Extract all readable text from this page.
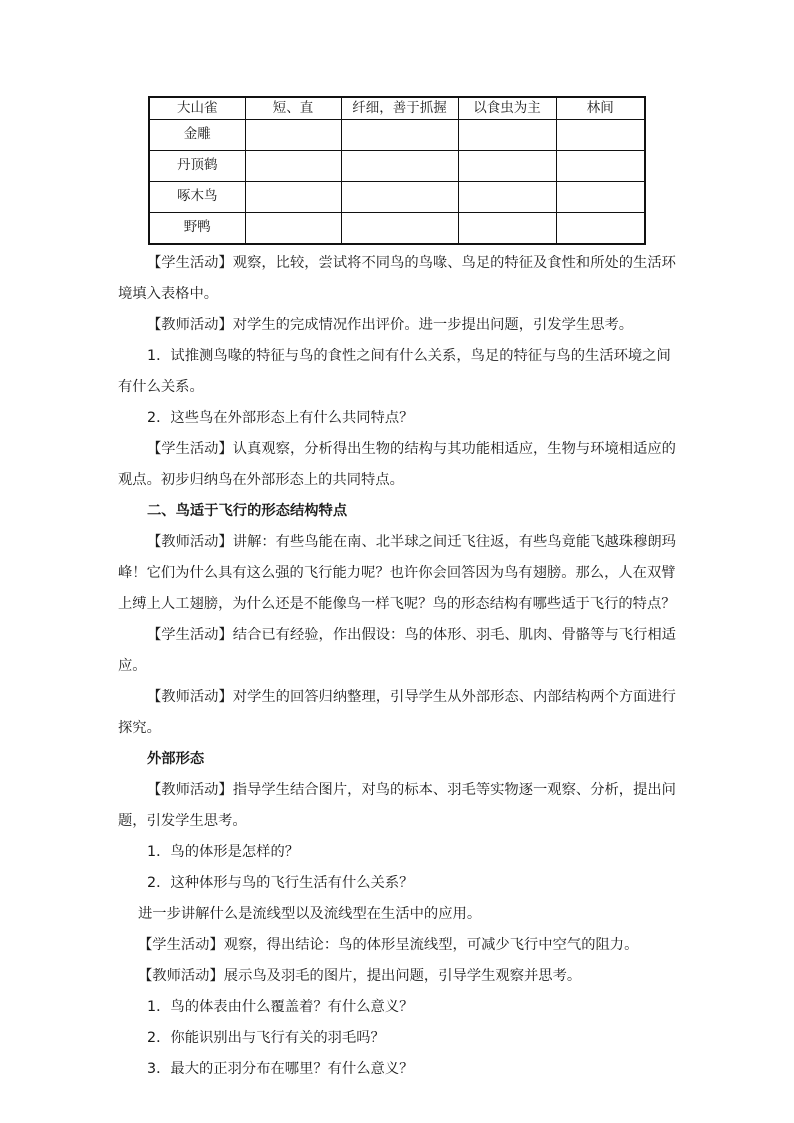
大山雀	短、直	纤细，善于抓握	以食虫为主	林间
金雕				
丹顶鹤				
啄木鸟				
野鸭				

【学生活动】观察，比较，尝试将不同鸟的鸟喙、鸟足的特征及食性和所处的生活环境填入表格中。

【教师活动】对学生的完成情况作出评价。进一步提出问题，引发学生思考。

1．试推测鸟喙的特征与鸟的食性之间有什么关系，鸟足的特征与鸟的生活环境之间有什么关系。

2．这些鸟在外部形态上有什么共同特点？

【学生活动】认真观察，分析得出生物的结构与其功能相适应，生物与环境相适应的观点。初步归纳鸟在外部形态上的共同特点。

二、鸟适于飞行的形态结构特点

【教师活动】讲解：有些鸟能在南、北半球之间迁飞往返，有些鸟竟能飞越珠穆朗玛峰！它们为什么具有这么强的飞行能力呢？也许你会回答因为鸟有翅膀。那么，人在双臂上缚上人工翅膀，为什么还是不能像鸟一样飞呢？鸟的形态结构有哪些适于飞行的特点？

【学生活动】结合已有经验，作出假设：鸟的体形、羽毛、肌肉、骨骼等与飞行相适应。

【教师活动】对学生的回答归纳整理，引导学生从外部形态、内部结构两个方面进行探究。

外部形态

【教师活动】指导学生结合图片，对鸟的标本、羽毛等实物逐一观察、分析，提出问题，引发学生思考。

1．鸟的体形是怎样的？

2．这种体形与鸟的飞行生活有什么关系？

进一步讲解什么是流线型以及流线型在生活中的应用。

【学生活动】观察，得出结论：鸟的体形呈流线型，可减少飞行中空气的阻力。

【教师活动】展示鸟及羽毛的图片，提出问题，引导学生观察并思考。

1．鸟的体表由什么覆盖着？有什么意义？

2．你能识别出与飞行有关的羽毛吗？

3．最大的正羽分布在哪里？有什么意义？
